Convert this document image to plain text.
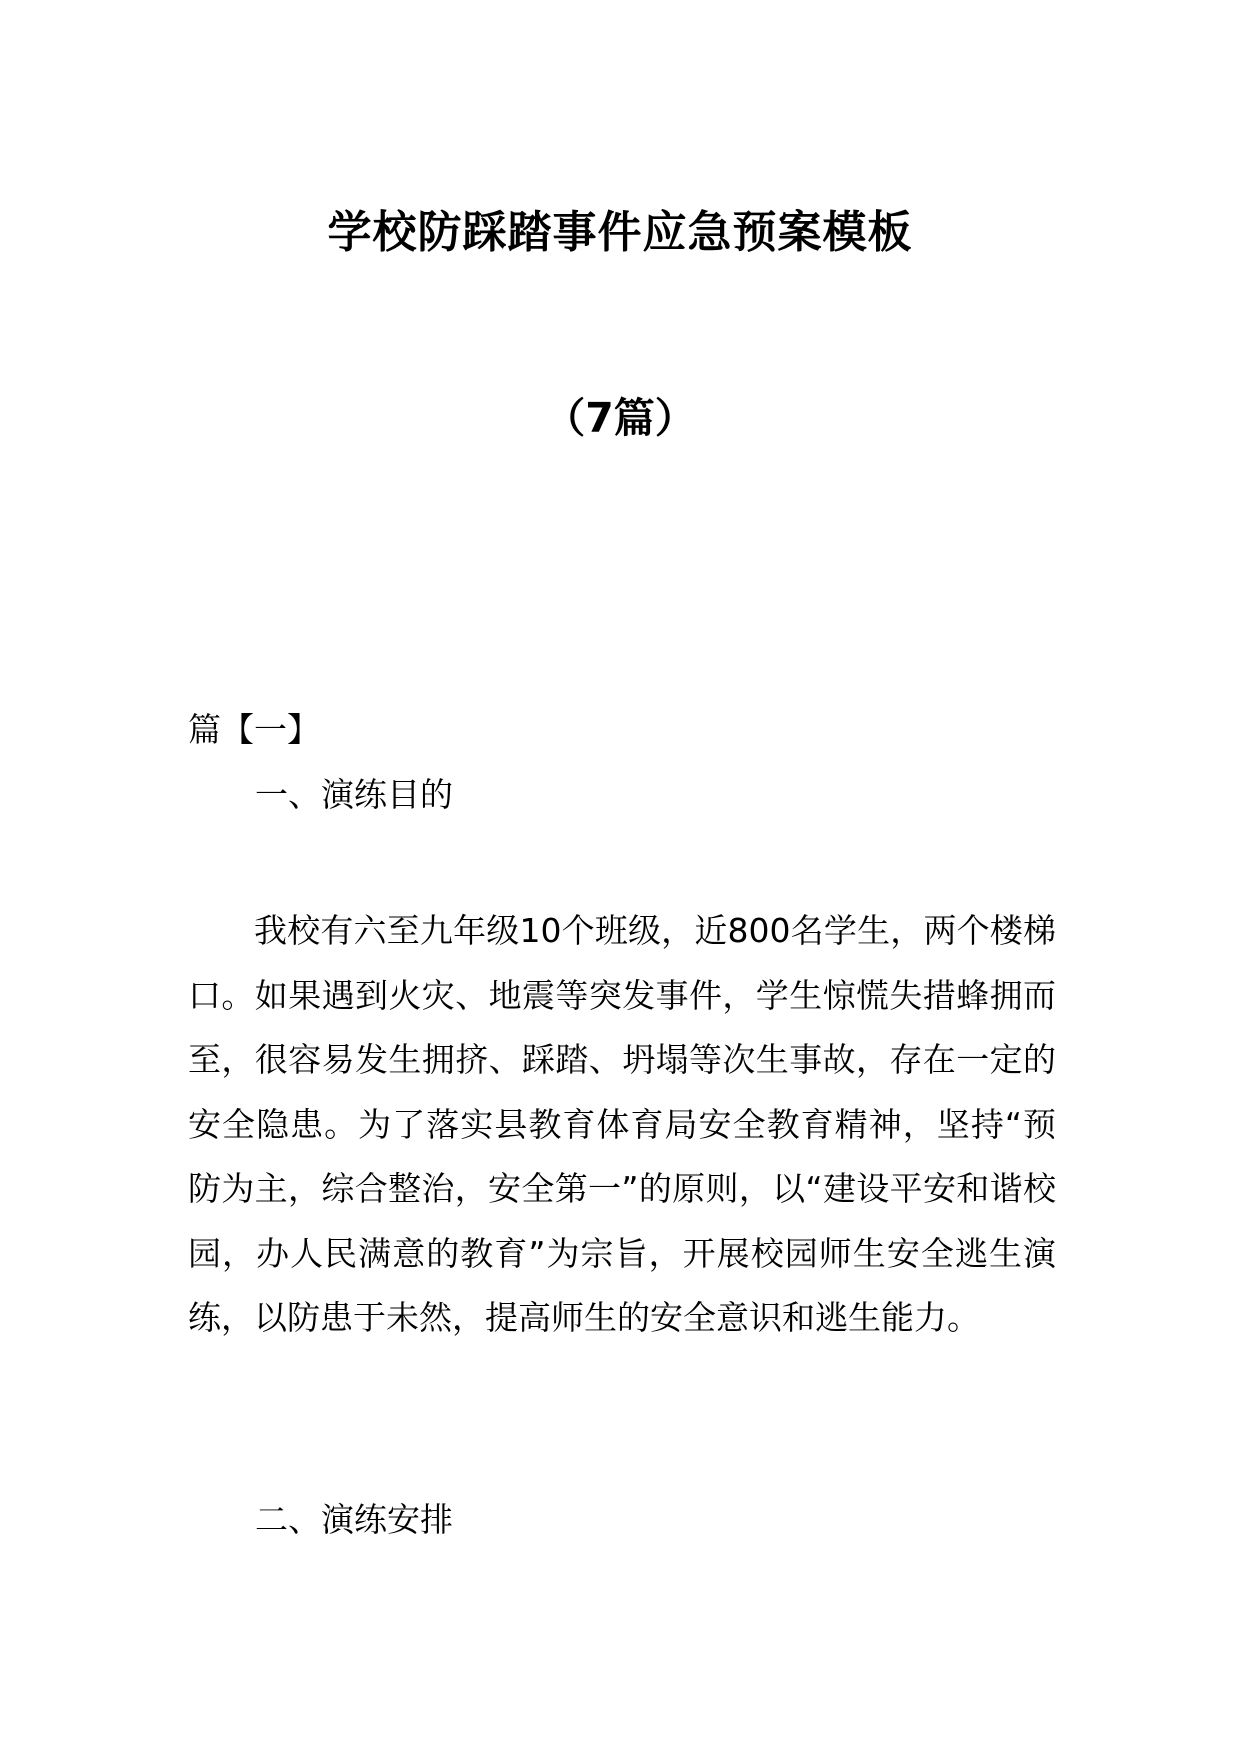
学校防踩踏事件应急预案模板
（7篇）
篇【一】
一、演练目的
我校有六至九年级10个班级，近800名学生，两个楼梯口。如果遇到火灾、地震等突发事件，学生惊慌失措蜂拥而至，很容易发生拥挤、踩踏、坍塌等次生事故，存在一定的安全隐患。为了落实县教育体育局安全教育精神，坚持“预防为主，综合整治，安全第一”的原则，以“建设平安和谐校园，办人民满意的教育”为宗旨，开展校园师生安全逃生演练，以防患于未然，提高师生的安全意识和逃生能力。
二、演练安排
